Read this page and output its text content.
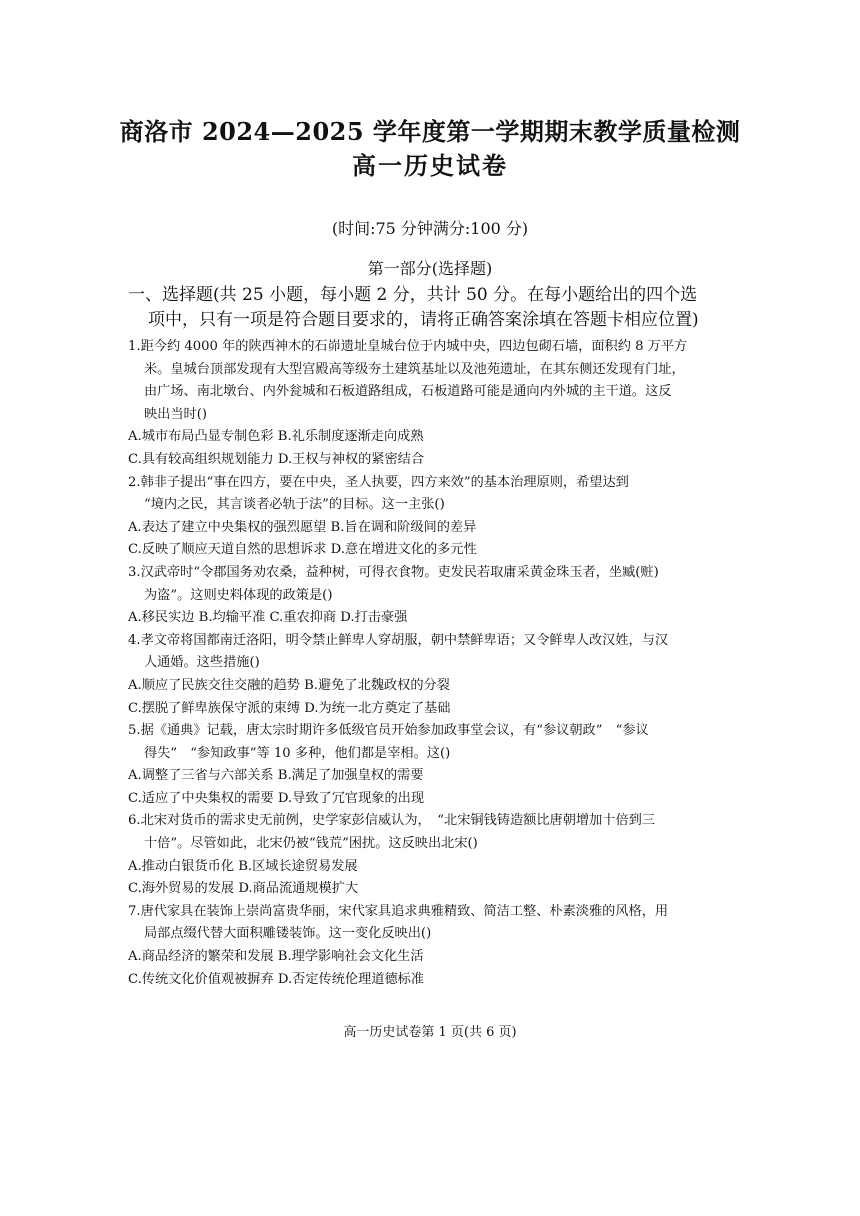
商洛市 2024—2025 学年度第一学期期末教学质量检测
高一历史试卷
(时间:75 分钟满分:100 分)
第一部分(选择题)
一、选择题(共 25 小题，每小题 2 分，共计 50 分。在每小题给出的四个选
项中，只有一项是符合题目要求的，请将正确答案涂填在答题卡相应位置)
1.距今约 4000 年的陕西神木的石峁遗址皇城台位于内城中央，四边包砌石墙，面积约 8 万平方
米。皇城台顶部发现有大型宫殿高等级夯土建筑基址以及池苑遗址，在其东侧还发现有门址，
由广场、南北墩台、内外瓮城和石板道路组成，石板道路可能是通向内外城的主干道。这反
映出当时()
A.城市布局凸显专制色彩 B.礼乐制度逐渐走向成熟
C.具有较高组织规划能力 D.王权与神权的紧密结合
2.韩非子提出“事在四方，要在中央，圣人执要，四方来效”的基本治理原则，希望达到
“境内之民，其言谈者必轨于法”的目标。这一主张()
A.表达了建立中央集权的强烈愿望 B.旨在调和阶级间的差异
C.反映了顺应天道自然的思想诉求 D.意在增进文化的多元性
3.汉武帝时“令郡国务劝农桑，益种树，可得衣食物。吏发民若取庸采黄金珠玉者，坐臧(赃)
为盗”。这则史料体现的政策是()
A.移民实边 B.均输平准 C.重农抑商 D.打击豪强
4.孝文帝将国都南迁洛阳，明令禁止鲜卑人穿胡服，朝中禁鲜卑语；又令鲜卑人改汉姓，与汉
人通婚。这些措施()
A.顺应了民族交往交融的趋势 B.避免了北魏政权的分裂
C.摆脱了鲜卑族保守派的束缚 D.为统一北方奠定了基础
5.据《通典》记载，唐太宗时期许多低级官员开始参加政事堂会议，有“参议朝政”　“参议
得失”　“参知政事”等 10 多种，他们都是宰相。这()
A.调整了三省与六部关系 B.满足了加强皇权的需要
C.适应了中央集权的需要 D.导致了冗官现象的出现
6.北宋对货币的需求史无前例，史学家彭信威认为，　“北宋铜钱铸造额比唐朝增加十倍到三
十倍”。尽管如此，北宋仍被“钱荒”困扰。这反映出北宋()
A.推动白银货币化 B.区域长途贸易发展
C.海外贸易的发展 D.商品流通规模扩大
7.唐代家具在装饰上崇尚富贵华丽，宋代家具追求典雅精致、简洁工整、朴素淡雅的风格，用
局部点缀代替大面积雕镂装饰。这一变化反映出()
A.商品经济的繁荣和发展 B.理学影响社会文化生活
C.传统文化价值观被摒弃 D.否定传统伦理道德标准
高一历史试卷第 1 页(共 6 页)
